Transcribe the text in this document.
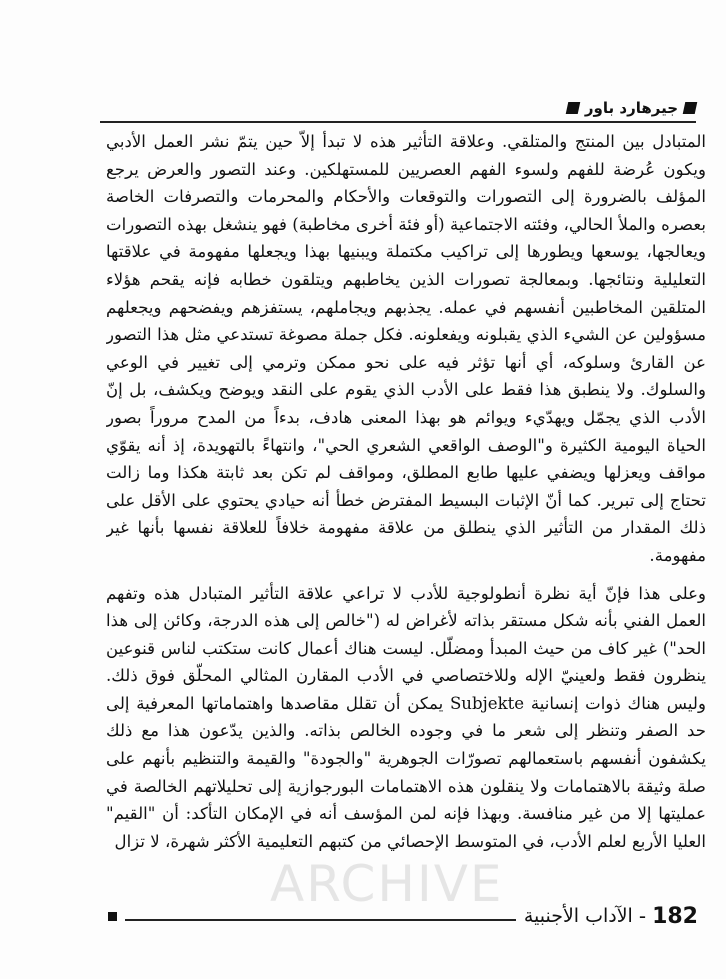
جيرهارد باور

المتبادل بين المنتج والمتلقي. وعلاقة التأثير هذه لا تبدأ إلاّ حين يتمّ نشر العمل الأدبي ويكون عُرضة للفهم ولسوء الفهم العصريين للمستهلكين. وعند التصور والعرض يرجع المؤلف بالضرورة إلى التصورات والتوقعات والأحكام والمحرمات والتصرفات الخاصة بعصره والملأ الحالي، وفئته الاجتماعية (أو فئة أخرى مخاطبة) فهو ينشغل بهذه التصورات ويعالجها، يوسعها ويطورها إلى تراكيب مكتملة ويبنيها بهذا ويجعلها مفهومة في علاقتها التعليلية ونتائجها. وبمعالجة تصورات الذين يخاطبهم ويتلقون خطابه فإنه يقحم هؤلاء المتلقين المخاطبين أنفسهم في عمله. يجذبهم ويجاملهم، يستفزهم ويفضحهم ويجعلهم مسؤولين عن الشيء الذي يقبلونه ويفعلونه. فكل جملة مصوغة تستدعي مثل هذا التصور عن القارئ وسلوكه، أي أنها تؤثر فيه على نحو ممكن وترمي إلى تغيير في الوعي والسلوك. ولا ينطبق هذا فقط على الأدب الذي يقوم على النقد ويوضح ويكشف، بل إنّ الأدب الذي يجمّل ويهدّيء ويوائم هو بهذا المعنى هادف، بدءاً من المدح مروراً بصور الحياة اليومية الكثيرة و"الوصف الواقعي الشعري الحي"، وانتهاءً بالتهويدة، إذ أنه يقوّي مواقف ويعزلها ويضفي عليها طابع المطلق، ومواقف لم تكن بعد ثابتة هكذا وما زالت تحتاج إلى تبرير. كما أنّ الإثبات البسيط المفترض خطأ أنه حيادي يحتوي على الأقل على ذلك المقدار من التأثير الذي ينطلق من علاقة مفهومة خلافاً للعلاقة نفسها بأنها غير مفهومة.

وعلى هذا فإنّ أية نظرة أنطولوجية للأدب لا تراعي علاقة التأثير المتبادل هذه وتفهم العمل الفني بأنه شكل مستقر بذاته لأغراض له ("خالص إلى هذه الدرجة، وكائن إلى هذا الحد") غير كاف من حيث المبدأ ومضلّل. ليست هناك أعمال كانت ستكتب لناس قنوعين ينظرون فقط ولعينيّ الإله وللاختصاصي في الأدب المقارن المثالي المحلّق فوق ذلك. وليس هناك ذوات إنسانية Subjekte يمكن أن تقلل مقاصدها واهتماماتها المعرفية إلى حد الصفر وتنظر إلى شعر ما في وجوده الخالص بذاته. والذين يدّعون هذا مع ذلك يكشفون أنفسهم باستعمالهم تصورّات الجوهرية "والجودة" والقيمة والتنظيم بأنهم على صلة وثيقة بالاهتمامات ولا ينقلون هذه الاهتمامات البورجوازية إلى تحليلاتهم الخالصة في عمليتها إلا من غير منافسة. وبهذا فإنه لمن المؤسف أنه في الإمكان التأكد: أن "القيم" العليا الأربع لعلم الأدب، في المتوسط الإحصائي من كتبهم التعليمية الأكثر شهرة، لا تزال

ARCHIVE
182
-
الآداب الأجنبية
